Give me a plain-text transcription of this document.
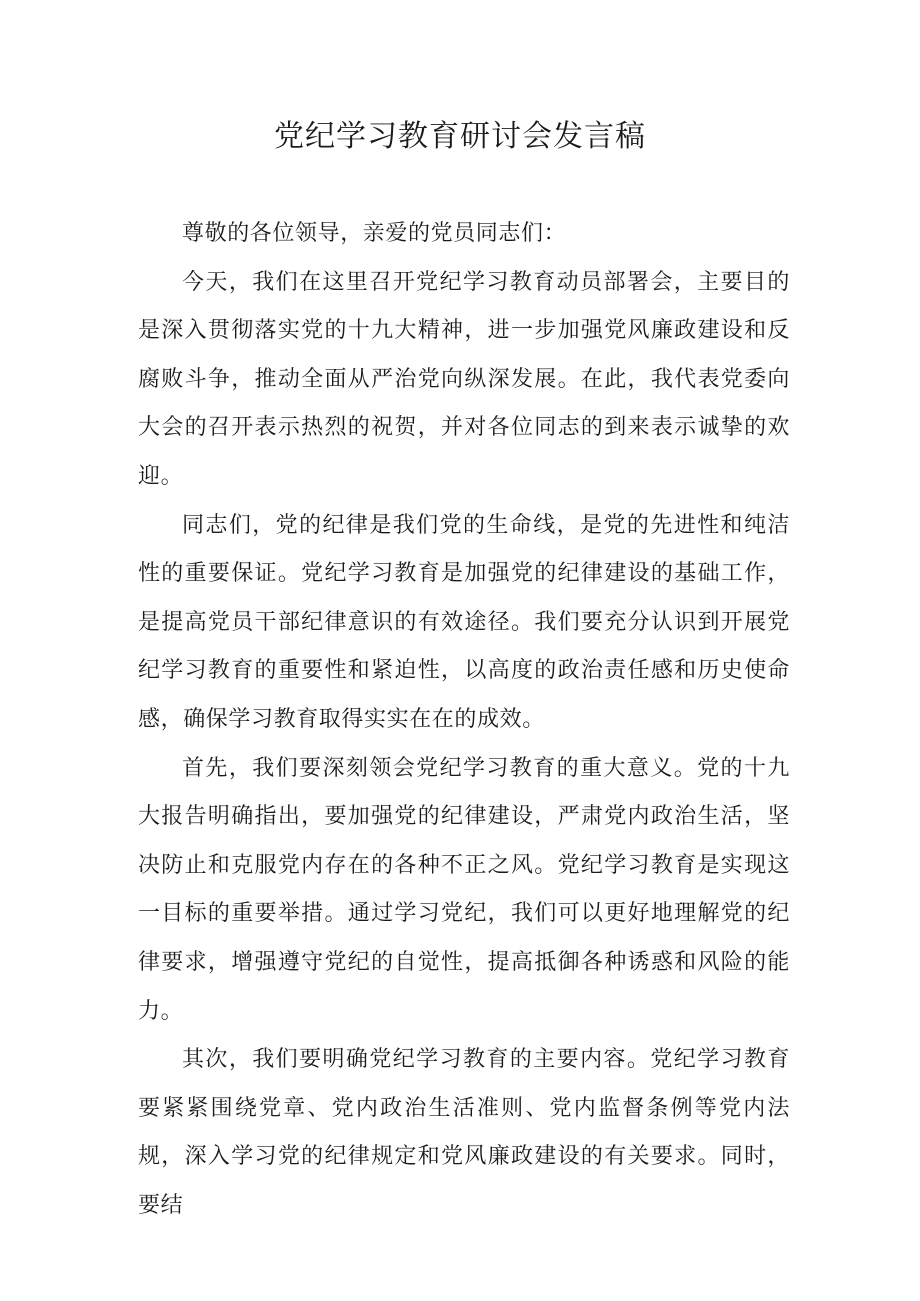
党纪学习教育研讨会发言稿

尊敬的各位领导，亲爱的党员同志们：

今天，我们在这里召开党纪学习教育动员部署会，主要目的是深入贯彻落实党的十九大精神，进一步加强党风廉政建设和反腐败斗争，推动全面从严治党向纵深发展。在此，我代表党委向大会的召开表示热烈的祝贺，并对各位同志的到来表示诚挚的欢迎。

同志们，党的纪律是我们党的生命线，是党的先进性和纯洁性的重要保证。党纪学习教育是加强党的纪律建设的基础工作，是提高党员干部纪律意识的有效途径。我们要充分认识到开展党纪学习教育的重要性和紧迫性，以高度的政治责任感和历史使命感，确保学习教育取得实实在在的成效。

首先，我们要深刻领会党纪学习教育的重大意义。党的十九大报告明确指出，要加强党的纪律建设，严肃党内政治生活，坚决防止和克服党内存在的各种不正之风。党纪学习教育是实现这一目标的重要举措。通过学习党纪，我们可以更好地理解党的纪律要求，增强遵守党纪的自觉性，提高抵御各种诱惑和风险的能力。

其次，我们要明确党纪学习教育的主要内容。党纪学习教育要紧紧围绕党章、党内政治生活准则、党内监督条例等党内法规，深入学习党的纪律规定和党风廉政建设的有关要求。同时，要结
